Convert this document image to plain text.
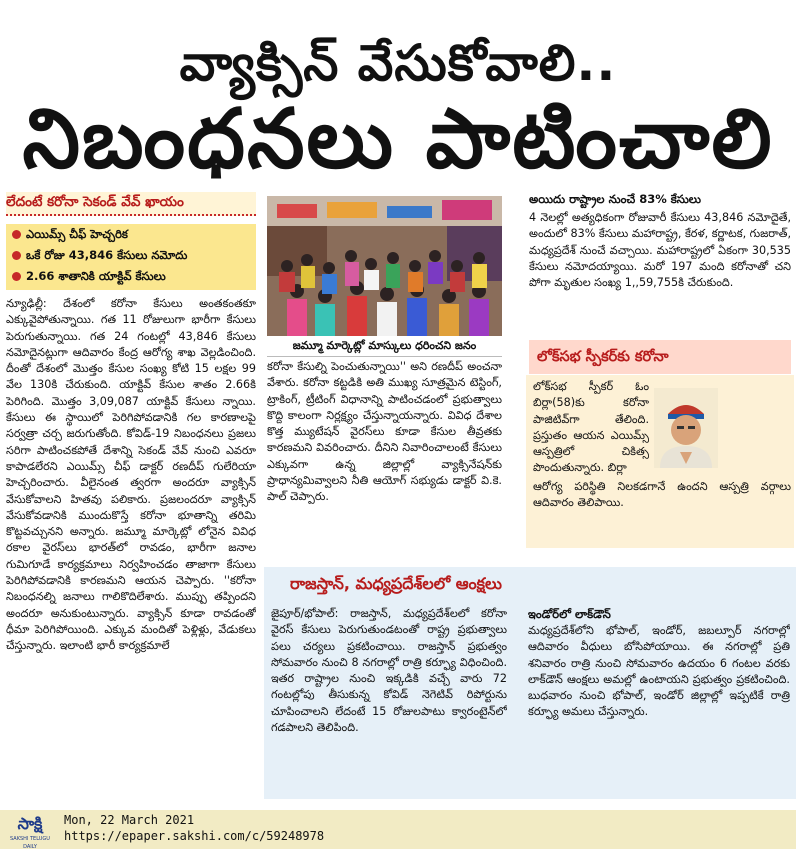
వ్యాక్సిన్ వేసుకోవాలి..
నిబంధనలు పాటించాలి
లేదంటే కరోనా సెకండ్ వేవ్ ఖాయం
ఎయిమ్స్ చీఫ్ హెచ్చరిక
ఒకే రోజు 43,846 కేసులు నమోదు
2.66 శాతానికి యాక్టివ్ కేసులు

న్యూఢిల్లీ: దేశంలో కరోనా కేసులు అంతకంతకూ ఎక్కువైపోతున్నాయి. గత 11 రోజులుగా భారీగా కేసులు పెరుగుతున్నాయి. గత 24 గంటల్లో 43,846 కేసులు నమోదైనట్లుగా ఆదివారం కేంద్ర ఆరోగ్య శాఖ వెల్లడించింది. దీంతో దేశంలో మొత్తం కేసుల సంఖ్య కోటి 15 లక్షల 99 వేల 130కి చేరుకుంది. యాక్టివ్ కేసుల శాతం 2.66కి పెరిగింది. మొత్తం 3,09,087 యాక్టివ్ కేసులు న్నాయి. కేసులు ఈ స్థాయిలో పెరిగిపోవడానికి గల కారణాలపై సర్వత్రా చర్చ జరుగుతోంది. కోవిడ్-19 నిబంధనలు ప్రజలు సరిగా పాటించకపోతే దేశాన్ని సెకండ్ వేవ్ నుంచి ఎవరూ కాపాడలేరని ఎయిమ్స్ చీఫ్ డాక్టర్ రణదీప్ గులేరియా హెచ్చరించారు. వీలైనంత త్వరగా అందరూ వ్యాక్సిన్ వేసుకోవాలని హితవు పలికారు. ప్రజలందరూ వ్యాక్సిన్ వేసుకోవడానికి ముందుకొస్తే కరోనా భూతాన్ని తరిమి కొట్టవచ్చునని అన్నారు. జమ్మూ మార్కెట్లో లోనైన వివిధ రకాల వైరస్‌లు భారత్‌లో రావడం, భారీగా జనాల గుమిగూడే కార్యక్రమాలు నిర్వహించడం తాజాగా కేసులు పెరిగిపోవడానికి కారణమని ఆయన చెప్పారు. ''కరోనా నిబంధనల్ని జనాలు గాలికొదిలేశారు. ముప్పు తప్పిందని అందరూ అనుకుంటున్నారు. వ్యాక్సిన్ కూడా రావడంతో ధీమా పెరిగిపోయింది. ఎక్కువ మందితో పెళ్లిళ్లు, వేడుకలు చేస్తున్నారు. ఇలాంటి భారీ కార్యక్రమాలే

జమ్మూ మార్కెట్లో మాస్కులు ధరించని జనం

కరోనా కేసుల్ని పెంచుతున్నాయి'' అని రణదీప్ అంచనా వేశారు. కరోనా కట్టడికి అతి ముఖ్య సూత్రమైన టెస్టింగ్, ట్రాకింగ్, ట్రీటింగ్ విధానాన్ని పాటించడంలో ప్రభుత్వాలు కొద్ది కాలంగా నిర్లక్ష్యం చేస్తున్నాయన్నారు. వివిధ దేశాల కొత్త మ్యుటేషన్ వైరస్‌లు కూడా కేసుల తీవ్రతకు కారణమని వివరించారు. దీనిని నివారించాలంటే కేసులు ఎక్కువగా ఉన్న జిల్లాల్లో వ్యాక్సినేషన్‌కు ప్రాధాన్యమివ్వాలని నీతి ఆయోగ్ సభ్యుడు డాక్టర్ వి.కె. పాల్ చెప్పారు.

అయిదు రాష్ట్రాల నుంచే 83% కేసులు

4 నెలల్లో అత్యధికంగా రోజువారీ కేసులు 43,846 నమోదైతే, అందులో 83% కేసులు మహారాష్ట్ర, కేరళ, కర్ణాటక, గుజరాత్, మధ్యప్రదేశ్ నుంచే వచ్చాయి. మహారాష్ట్రలో ఏకంగా 30,535 కేసులు నమోదయ్యాయి. మరో 197 మంది కరోనాతో చని పోగా మృతుల సంఖ్య 1,,59,755కి చేరుకుంది.

లోక్‌సభ స్పీకర్‌కు కరోనా

లోక్‌సభ స్పీకర్ ఓం బిర్లా(58)కు కరోనా పాజిటివ్‌గా తేలింది. ప్రస్తుతం ఆయన ఎయిమ్స్ ఆస్పత్రిలో చికిత్స పొందుతున్నారు. బిర్లా

ఆరోగ్య పరిస్థితి నిలకడగానే ఉందని ఆస్పత్రి వర్గాలు ఆదివారం తెలిపాయి.

రాజస్తాన్, మధ్యప్రదేశ్‌లలో ఆంక్షలు

జైపూర్/భోపాల్: రాజస్తాన్, మధ్యప్రదేశ్‌లలో కరోనా వైరస్ కేసులు పెరుగుతుండటంతో రాష్ట్ర ప్రభుత్వాలు పలు చర్యలు ప్రకటించాయి. రాజస్తాన్ ప్రభుత్వం సోమవారం నుంచి 8 నగరాల్లో రాత్రి కర్ఫ్యూ విధించింది. ఇతర రాష్ట్రాల నుంచి ఇక్కడికి వచ్చే వారు 72 గంటల్లోపు తీసుకున్న కోవిడ్ నెగెటివ్ రిపోర్టును చూపించాలని లేదంటే 15 రోజులపాటు క్వారంటైన్‌లో గడపాలని తెలిపింది.

ఇండోర్‌లో లాక్‌డౌన్

మధ్యప్రదేశ్‌లోని భోపాల్, ఇండోర్, జబల్పూర్ నగరాల్లో ఆదివారం వీధులు బోసిపోయాయి. ఈ నగరాల్లో ప్రతి శనివారం రాత్రి నుంచి సోమవారం ఉదయం 6 గంటల వరకు లాక్‌డౌన్ ఆంక్షలు అమల్లో ఉంటాయని ప్రభుత్వం ప్రకటించింది. బుధవారం నుంచి భోపాల్, ఇండోర్ జిల్లాల్లో ఇప్పటికే రాత్రి కర్ఫ్యూ అమలు చేస్తున్నారు.

సాక్షి
SAKSHI TELUGU DAILY
Mon, 22 March 2021
https://epaper.sakshi.com/c/59248978
